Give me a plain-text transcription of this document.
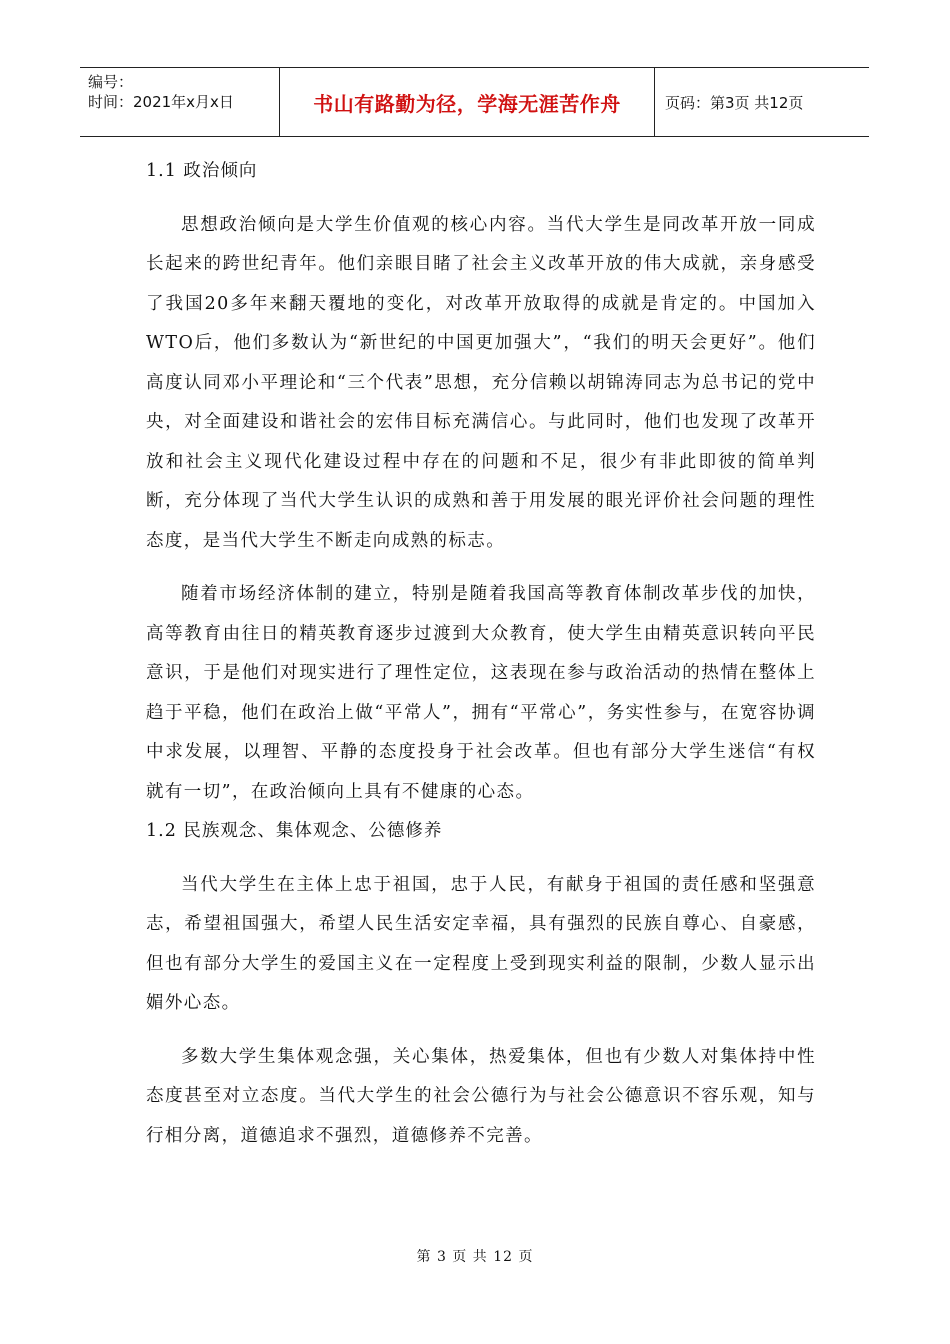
编号：
时间：2021年x月x日	书山有路勤为径，学海无涯苦作舟	页码：第3页 共12页

1.1 政治倾向

思想政治倾向是大学生价值观的核心内容。当代大学生是同改革开放一同成长起来的跨世纪青年。他们亲眼目睹了社会主义改革开放的伟大成就，亲身感受了我国20多年来翻天覆地的变化，对改革开放取得的成就是肯定的。中国加入WTO后，他们多数认为“新世纪的中国更加强大”，“我们的明天会更好”。他们高度认同邓小平理论和“三个代表”思想，充分信赖以胡锦涛同志为总书记的党中央，对全面建设和谐社会的宏伟目标充满信心。与此同时，他们也发现了改革开放和社会主义现代化建设过程中存在的问题和不足，很少有非此即彼的简单判断，充分体现了当代大学生认识的成熟和善于用发展的眼光评价社会问题的理性态度，是当代大学生不断走向成熟的标志。

随着市场经济体制的建立，特别是随着我国高等教育体制改革步伐的加快，高等教育由往日的精英教育逐步过渡到大众教育，使大学生由精英意识转向平民意识，于是他们对现实进行了理性定位，这表现在参与政治活动的热情在整体上趋于平稳，他们在政治上做“平常人”，拥有“平常心”，务实性参与，在宽容协调中求发展，以理智、平静的态度投身于社会改革。但也有部分大学生迷信“有权就有一切”，在政治倾向上具有不健康的心态。

1.2 民族观念、集体观念、公德修养

当代大学生在主体上忠于祖国，忠于人民，有献身于祖国的责任感和坚强意志，希望祖国强大，希望人民生活安定幸福，具有强烈的民族自尊心、自豪感，但也有部分大学生的爱国主义在一定程度上受到现实利益的限制，少数人显示出媚外心态。

多数大学生集体观念强，关心集体，热爱集体，但也有少数人对集体持中性态度甚至对立态度。当代大学生的社会公德行为与社会公德意识不容乐观，知与行相分离，道德追求不强烈，道德修养不完善。

第 3 页 共 12 页
